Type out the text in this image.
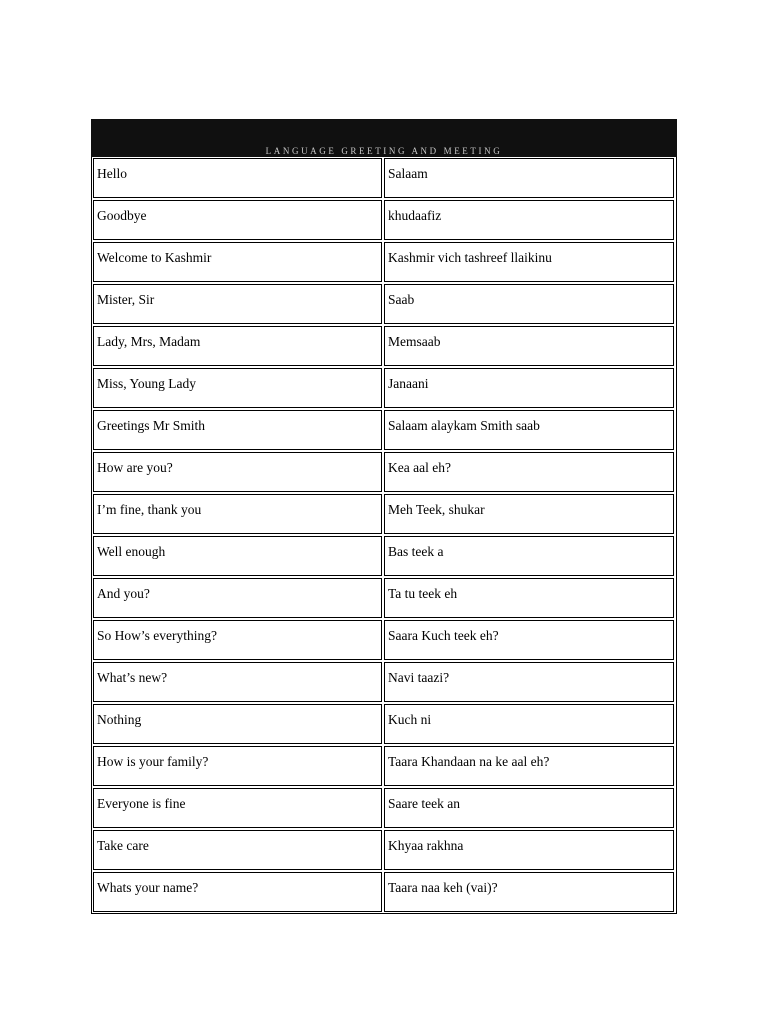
LANGUAGE GREETING AND MEETING
Hello	Salaam
Goodbye	khudaafiz
Welcome to Kashmir	Kashmir vich tashreef llaikinu
Mister, Sir	Saab
Lady, Mrs, Madam	Memsaab
Miss, Young Lady	Janaani
Greetings Mr Smith	Salaam alaykam Smith saab
How are you?	Kea aal eh?
I’m fine, thank you	Meh Teek, shukar
Well enough	Bas teek a
And you?	Ta tu teek eh
So How’s everything?	Saara Kuch teek eh?
What’s new?	Navi taazi?
Nothing	Kuch ni
How is your family?	Taara Khandaan na ke aal eh?
Everyone is fine	Saare teek an
Take care	Khyaa rakhna
Whats your name?	Taara naa keh (vai)?
